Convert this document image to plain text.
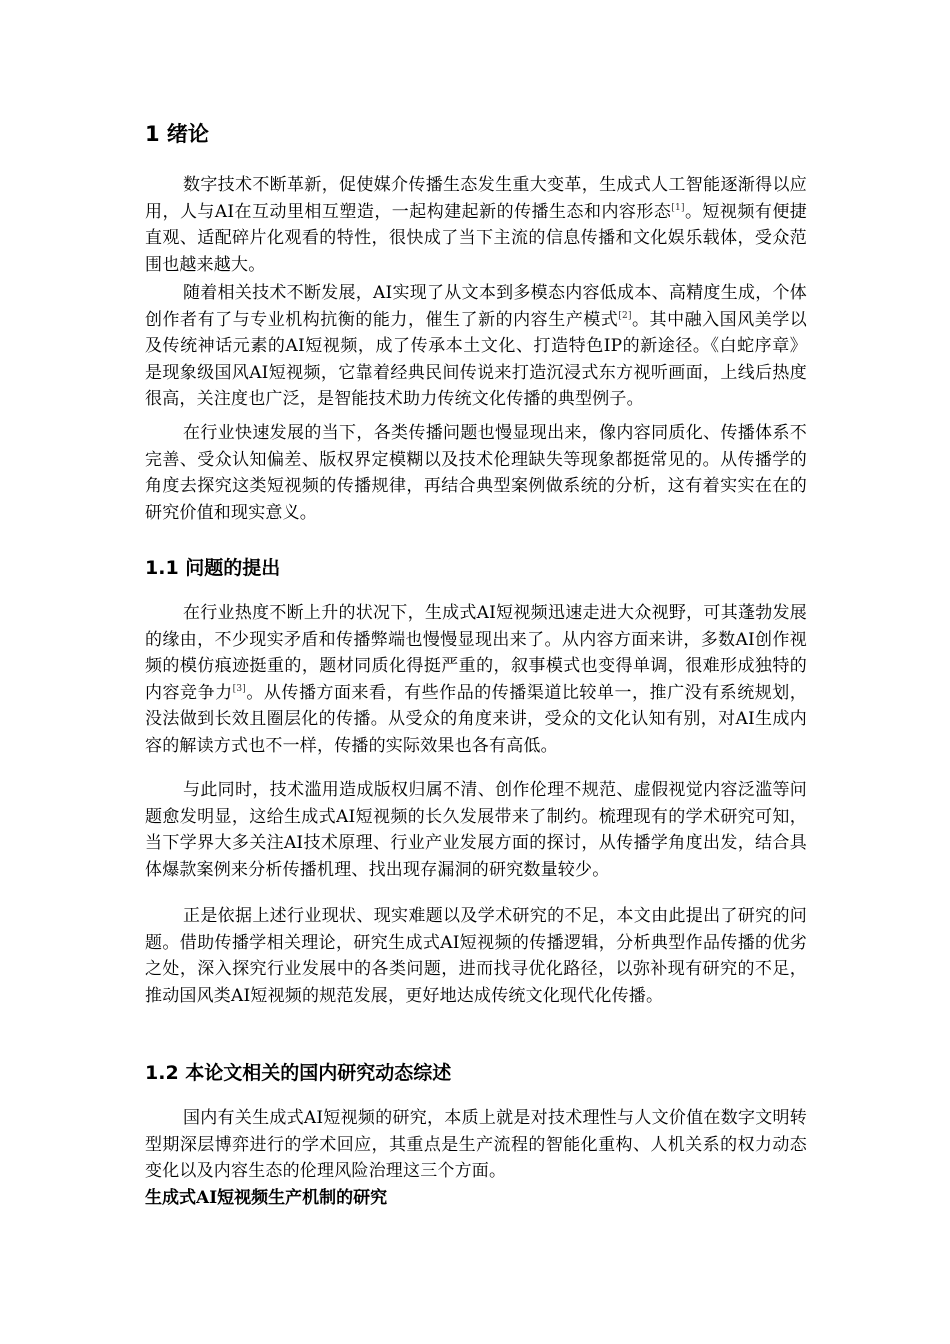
1 绪论

数字技术不断革新，促使媒介传播生态发生重大变革，生成式人工智能逐渐得以应用，人与AI在互动里相互塑造，一起构建起新的传播生态和内容形态[1]。短视频有便捷直观、适配碎片化观看的特性，很快成了当下主流的信息传播和文化娱乐载体，受众范围也越来越大。

随着相关技术不断发展，AI实现了从文本到多模态内容低成本、高精度生成，个体创作者有了与专业机构抗衡的能力，催生了新的内容生产模式[2]。其中融入国风美学以及传统神话元素的AI短视频，成了传承本土文化、打造特色IP的新途径。《白蛇序章》是现象级国风AI短视频，它靠着经典民间传说来打造沉浸式东方视听画面，上线后热度很高，关注度也广泛，是智能技术助力传统文化传播的典型例子。

在行业快速发展的当下，各类传播问题也慢显现出来，像内容同质化、传播体系不完善、受众认知偏差、版权界定模糊以及技术伦理缺失等现象都挺常见的。从传播学的角度去探究这类短视频的传播规律，再结合典型案例做系统的分析，这有着实实在在的研究价值和现实意义。

1.1 问题的提出

在行业热度不断上升的状况下，生成式AI短视频迅速走进大众视野，可其蓬勃发展的缘由，不少现实矛盾和传播弊端也慢慢显现出来了。从内容方面来讲，多数AI创作视频的模仿痕迹挺重的，题材同质化得挺严重的，叙事模式也变得单调，很难形成独特的内容竞争力[3]。从传播方面来看，有些作品的传播渠道比较单一，推广没有系统规划，没法做到长效且圈层化的传播。从受众的角度来讲，受众的文化认知有别，对AI生成内容的解读方式也不一样，传播的实际效果也各有高低。

与此同时，技术滥用造成版权归属不清、创作伦理不规范、虚假视觉内容泛滥等问题愈发明显，这给生成式AI短视频的长久发展带来了制约。梳理现有的学术研究可知，当下学界大多关注AI技术原理、行业产业发展方面的探讨，从传播学角度出发，结合具体爆款案例来分析传播机理、找出现存漏洞的研究数量较少。

正是依据上述行业现状、现实难题以及学术研究的不足，本文由此提出了研究的问题。借助传播学相关理论，研究生成式AI短视频的传播逻辑，分析典型作品传播的优劣之处，深入探究行业发展中的各类问题，进而找寻优化路径，以弥补现有研究的不足，推动国风类AI短视频的规范发展，更好地达成传统文化现代化传播。

1.2 本论文相关的国内研究动态综述

国内有关生成式AI短视频的研究，本质上就是对技术理性与人文价值在数字文明转型期深层博弈进行的学术回应，其重点是生产流程的智能化重构、人机关系的权力动态变化以及内容生态的伦理风险治理这三个方面。

生成式AI短视频生产机制的研究
